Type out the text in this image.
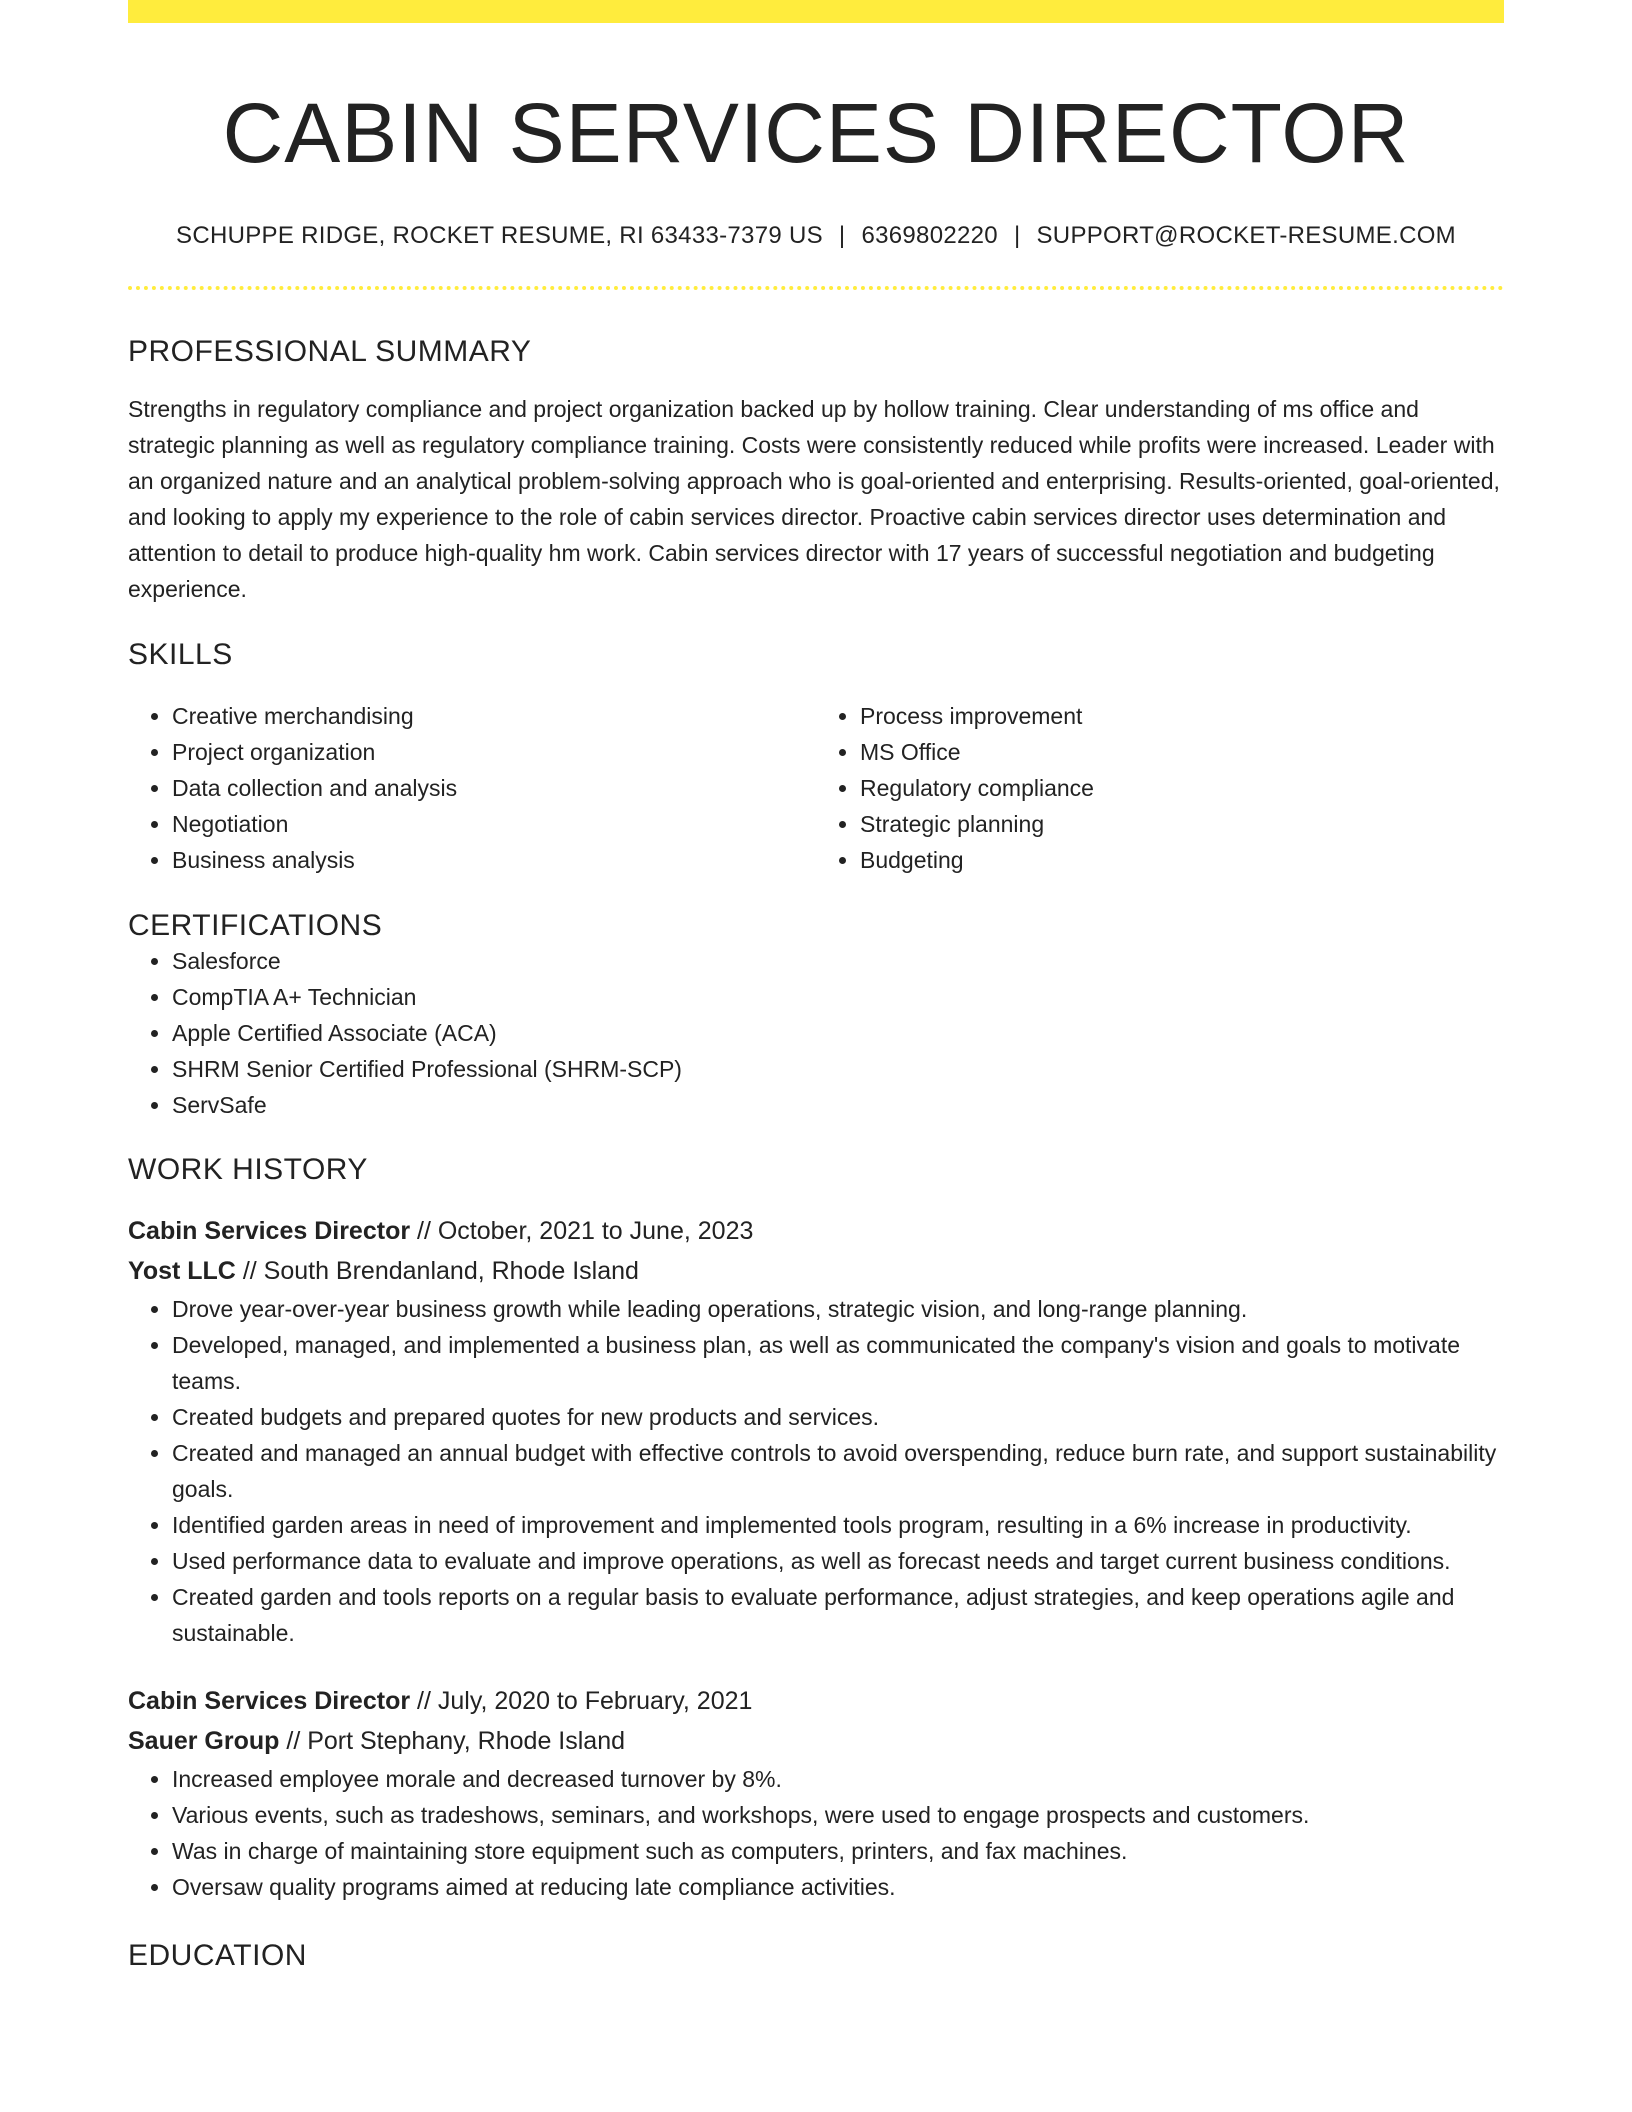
CABIN SERVICES DIRECTOR
SCHUPPE RIDGE, ROCKET RESUME, RI 63433-7379 US | 6369802220 | SUPPORT@ROCKET-RESUME.COM
PROFESSIONAL SUMMARY

Strengths in regulatory compliance and project organization backed up by hollow training. Clear understanding of ms office and strategic planning as well as regulatory compliance training. Costs were consistently reduced while profits were increased. Leader with an organized nature and an analytical problem-solving approach who is goal-oriented and enterprising. Results-oriented, goal-oriented, and looking to apply my experience to the role of cabin services director. Proactive cabin services director uses determination and attention to detail to produce high-quality hm work. Cabin services director with 17 years of successful negotiation and budgeting experience.

SKILLS
• Creative merchandising
• Project organization
• Data collection and analysis
• Negotiation
• Business analysis
• Process improvement
• MS Office
• Regulatory compliance
• Strategic planning
• Budgeting
CERTIFICATIONS
• Salesforce
• CompTIA A+ Technician
• Apple Certified Associate (ACA)
• SHRM Senior Certified Professional (SHRM-SCP)
• ServSafe
WORK HISTORY
Cabin Services Director // October, 2021 to June, 2023
Yost LLC // South Brendanland, Rhode Island
• Drove year-over-year business growth while leading operations, strategic vision, and long-range planning.
• Developed, managed, and implemented a business plan, as well as communicated the company's vision and goals to motivate teams.
• Created budgets and prepared quotes for new products and services.
• Created and managed an annual budget with effective controls to avoid overspending, reduce burn rate, and support sustainability goals.
• Identified garden areas in need of improvement and implemented tools program, resulting in a 6% increase in productivity.
• Used performance data to evaluate and improve operations, as well as forecast needs and target current business conditions.
• Created garden and tools reports on a regular basis to evaluate performance, adjust strategies, and keep operations agile and sustainable.
Cabin Services Director // July, 2020 to February, 2021
Sauer Group // Port Stephany, Rhode Island
• Increased employee morale and decreased turnover by 8%.
• Various events, such as tradeshows, seminars, and workshops, were used to engage prospects and customers.
• Was in charge of maintaining store equipment such as computers, printers, and fax machines.
• Oversaw quality programs aimed at reducing late compliance activities.
EDUCATION
